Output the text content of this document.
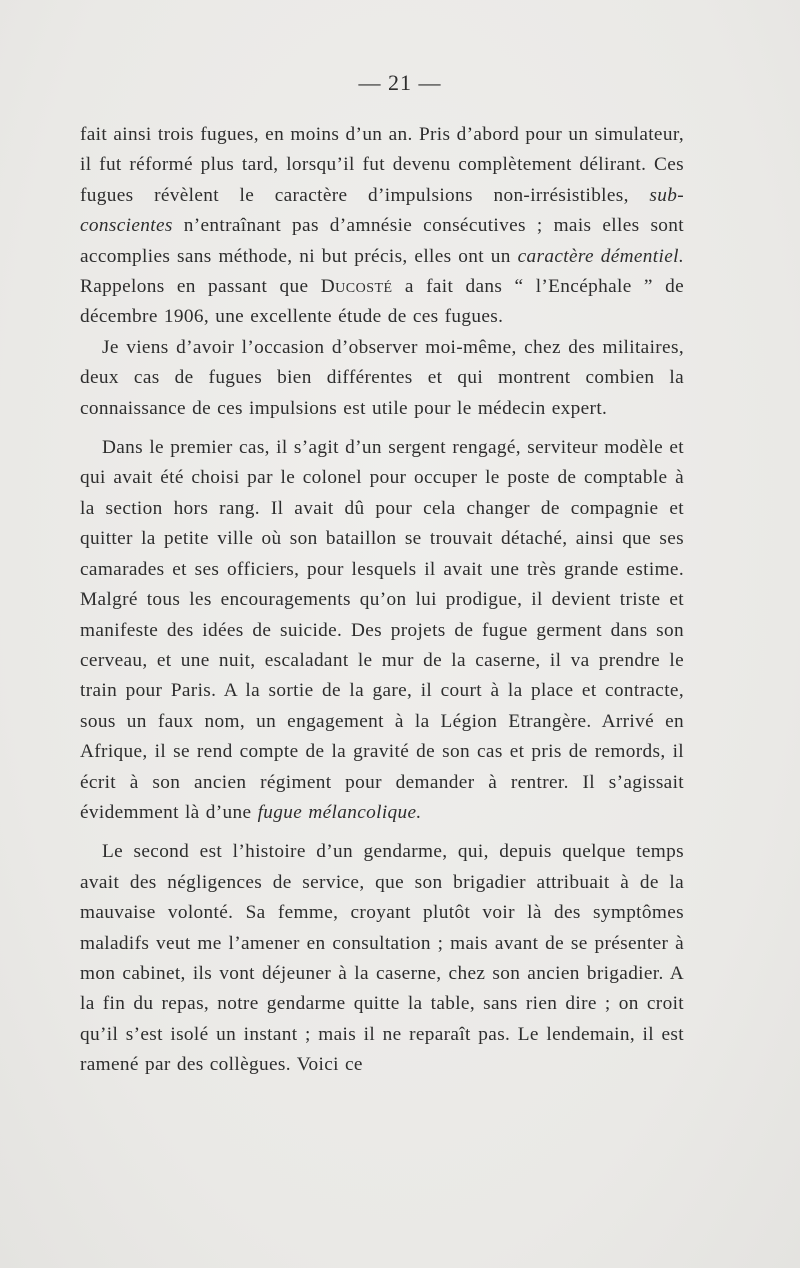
— 21 —

fait ainsi trois fugues, en moins d’un an. Pris d’abord pour un simulateur, il fut réformé plus tard, lorsqu’il fut devenu complètement délirant. Ces fugues révèlent le caractère d’impulsions non-irrésistibles, sub-conscientes n’entraînant pas d’amnésie consécutives ; mais elles sont accomplies sans méthode, ni but précis, elles ont un caractère démentiel. Rappelons en passant que Ducosté a fait dans “ l’Encéphale ” de décembre 1906, une excellente étude de ces fugues.

Je viens d’avoir l’occasion d’observer moi-même, chez des militaires, deux cas de fugues bien différentes et qui montrent combien la connaissance de ces impulsions est utile pour le médecin expert.

Dans le premier cas, il s’agit d’un sergent rengagé, serviteur modèle et qui avait été choisi par le colonel pour occuper le poste de comptable à la section hors rang. Il avait dû pour cela changer de compagnie et quitter la petite ville où son bataillon se trouvait détaché, ainsi que ses camarades et ses officiers, pour lesquels il avait une très grande estime. Malgré tous les encouragements qu’on lui prodigue, il devient triste et manifeste des idées de suicide. Des projets de fugue germent dans son cerveau, et une nuit, escaladant le mur de la caserne, il va prendre le train pour Paris. A la sortie de la gare, il court à la place et contracte, sous un faux nom, un engagement à la Légion Etrangère. Arrivé en Afrique, il se rend compte de la gravité de son cas et pris de remords, il écrit à son ancien régiment pour demander à rentrer. Il s’agissait évidemment là d’une fugue mélancolique.

Le second est l’histoire d’un gendarme, qui, depuis quelque temps avait des négligences de service, que son brigadier attribuait à de la mauvaise volonté. Sa femme, croyant plutôt voir là des symptômes maladifs veut me l’amener en consultation ; mais avant de se présenter à mon cabinet, ils vont déjeuner à la caserne, chez son ancien brigadier. A la fin du repas, notre gendarme quitte la table, sans rien dire ; on croit qu’il s’est isolé un instant ; mais il ne reparaît pas. Le lendemain, il est ramené par des collègues. Voici ce
